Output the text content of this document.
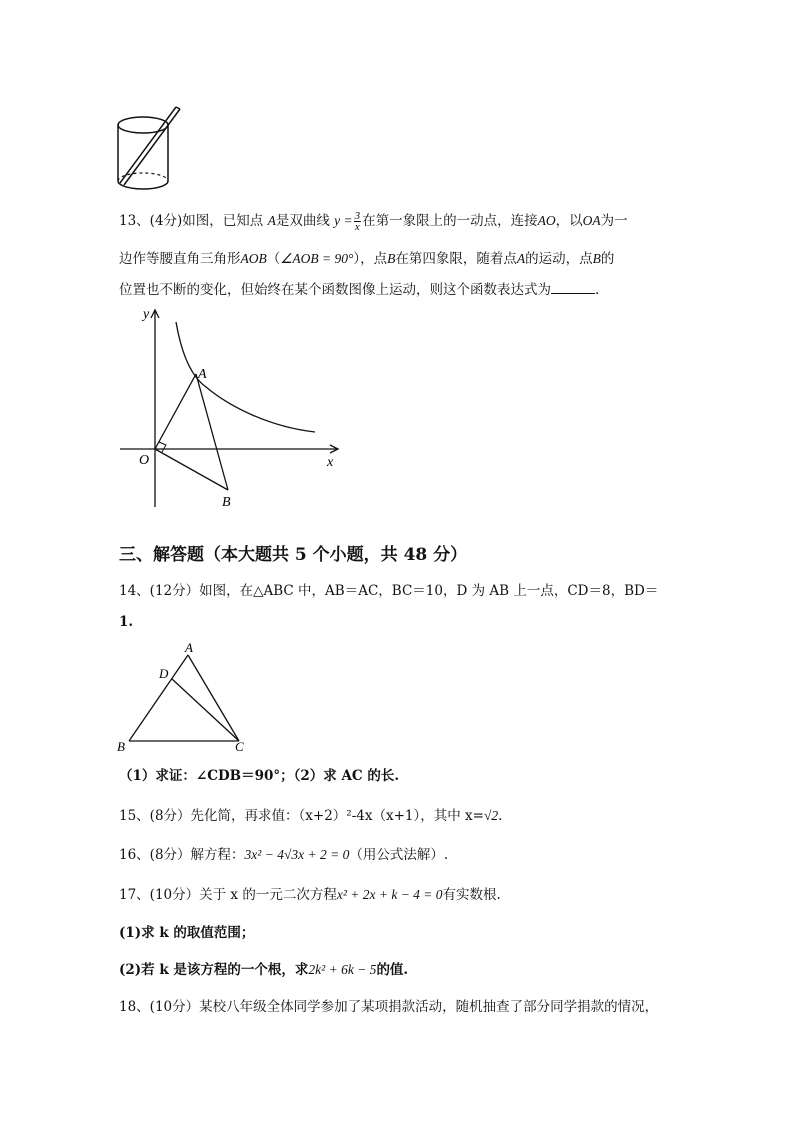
13、(4分)如图，已知点 A是双曲线 $y = \frac{3}{x}$ 在第一象限上的一动点，连接AO，以OA为一
边作等腰直角三角形AOB（∠AOB = 90°），点B在第四象限，随着点A的运动，点B的
位置也不断的变化，但始终在某个函数图像上运动，则这个函数表达式为	.
y
x
O
A
B
三、解答题（本大题共 5 个小题，共 48 分）
14、(12分）如图，在△ABC 中，AB＝AC，BC＝10，D 为 AB 上一点，CD＝8，BD＝
1.
A
D
B	C
（1）求证：∠CDB＝90°；（2）求 AC 的长.
15、(8分）先化简，再求值：（x+2）²-4x（x+1），其中 x=√2.
16、(8分）解方程：3x² − 4√3x + 2 = 0（用公式法解）.
17、(10分）关于 x 的一元二次方程x² + 2x + k − 4 = 0有实数根.
(1)求 k 的取值范围；
(2)若 k 是该方程的一个根，求2k² + 6k − 5的值.
18、(10分）某校八年级全体同学参加了某项捐款活动，随机抽查了部分同学捐款的情况，
